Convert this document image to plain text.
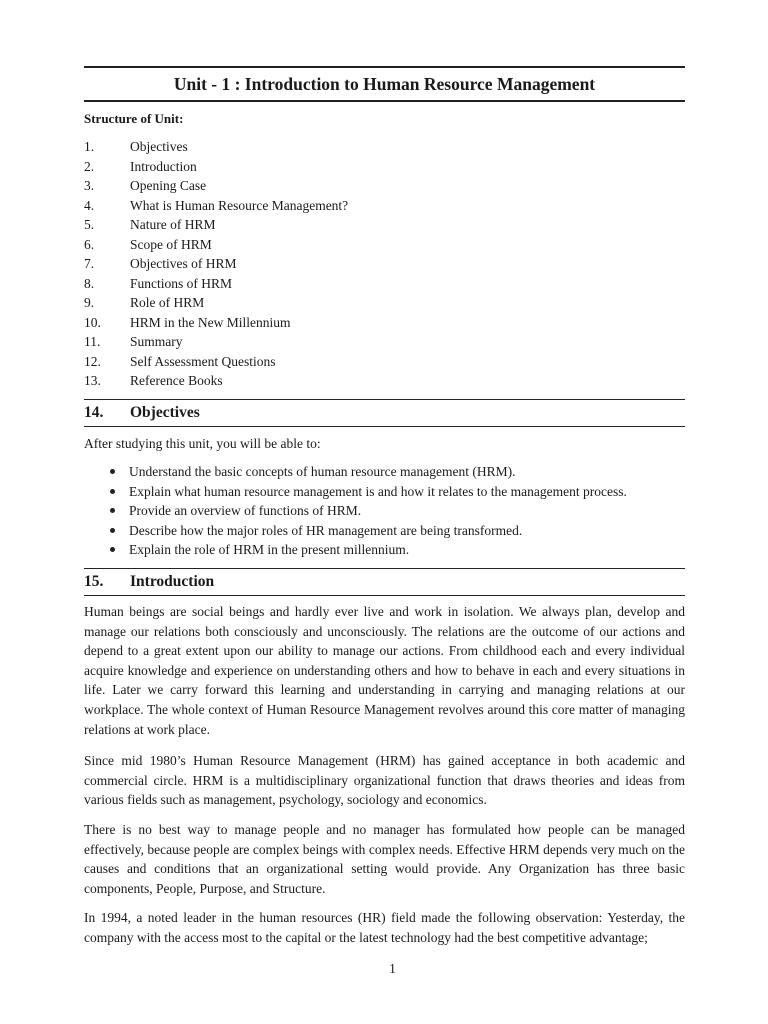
Unit - 1 : Introduction to Human Resource Management
Structure of Unit:
1.	Objectives
2.	Introduction
3.	Opening Case
4.	What is Human Resource Management?
5.	Nature of HRM
6.	Scope of HRM
7.	Objectives of HRM
8.	Functions of HRM
9.	Role of HRM
10. HRM in the New Millennium
11. Summary
12. Self Assessment Questions
13. Reference Books
14.	Objectives
After studying this unit, you will be able to:
Understand the basic concepts of human resource management (HRM).
Explain what human resource management is and how it relates to the management process.
Provide an overview of functions of HRM.
Describe how the major roles of HR management are being transformed.
Explain the role of HRM in the present millennium.
15.	Introduction

Human beings are social beings and hardly ever live and work in isolation. We always plan, develop and manage our relations both consciously and unconsciously. The relations are the outcome of our actions and depend to a great extent upon our ability to manage our actions. From childhood each and every individual acquire knowledge and experience on understanding others and how to behave in each and every situations in life. Later we carry forward this learning and understanding in carrying and managing relations at our workplace. The whole context of Human Resource Management revolves around this core matter of managing relations at work place.

Since mid 1980’s Human Resource Management (HRM) has gained acceptance in both academic and commercial circle. HRM is a multidisciplinary organizational function that draws theories and ideas from various fields such as management, psychology, sociology and economics.

There is no best way to manage people and no manager has formulated how people can be managed effectively, because people are complex beings with complex needs. Effective HRM depends very much on the causes and conditions that an organizational setting would provide. Any Organization has three basic components, People, Purpose, and Structure.

In 1994, a noted leader in the human resources (HR) field made the following observation: Yesterday, the company with the access most to the capital or the latest technology had the best competitive advantage;

1
